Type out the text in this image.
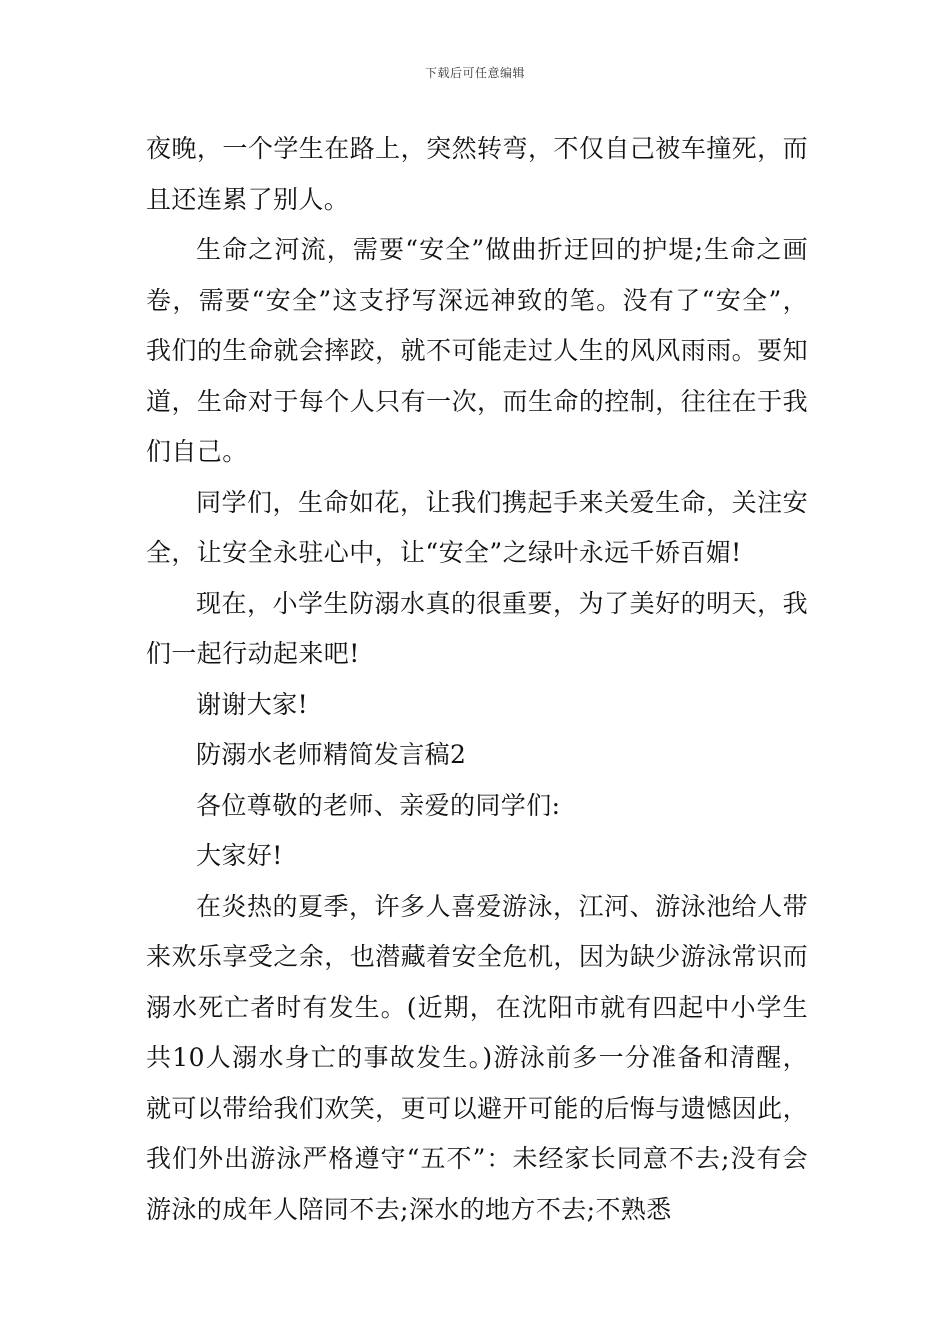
下载后可任意编辑

夜晚，一个学生在路上，突然转弯，不仅自己被车撞死，而且还连累了别人。

生命之河流，需要“安全”做曲折迂回的护堤;生命之画卷，需要“安全”这支抒写深远神致的笔。没有了“安全”，我们的生命就会摔跤，就不可能走过人生的风风雨雨。要知道，生命对于每个人只有一次，而生命的控制，往往在于我们自己。

同学们，生命如花，让我们携起手来关爱生命，关注安全，让安全永驻心中，让“安全”之绿叶永远千娇百媚!

现在，小学生防溺水真的很重要，为了美好的明天，我们一起行动起来吧!

谢谢大家!

防溺水老师精简发言稿2

各位尊敬的老师、亲爱的同学们:

大家好!

在炎热的夏季，许多人喜爱游泳，江河、游泳池给人带来欢乐享受之余，也潜藏着安全危机，因为缺少游泳常识而溺水死亡者时有发生。(近期，在沈阳市就有四起中小学生共10人溺水身亡的事故发生。)游泳前多一分准备和清醒，就可以带给我们欢笑，更可以避开可能的后悔与遗憾因此，我们外出游泳严格遵守“五不”：未经家长同意不去;没有会游泳的成年人陪同不去;深水的地方不去;不熟悉
